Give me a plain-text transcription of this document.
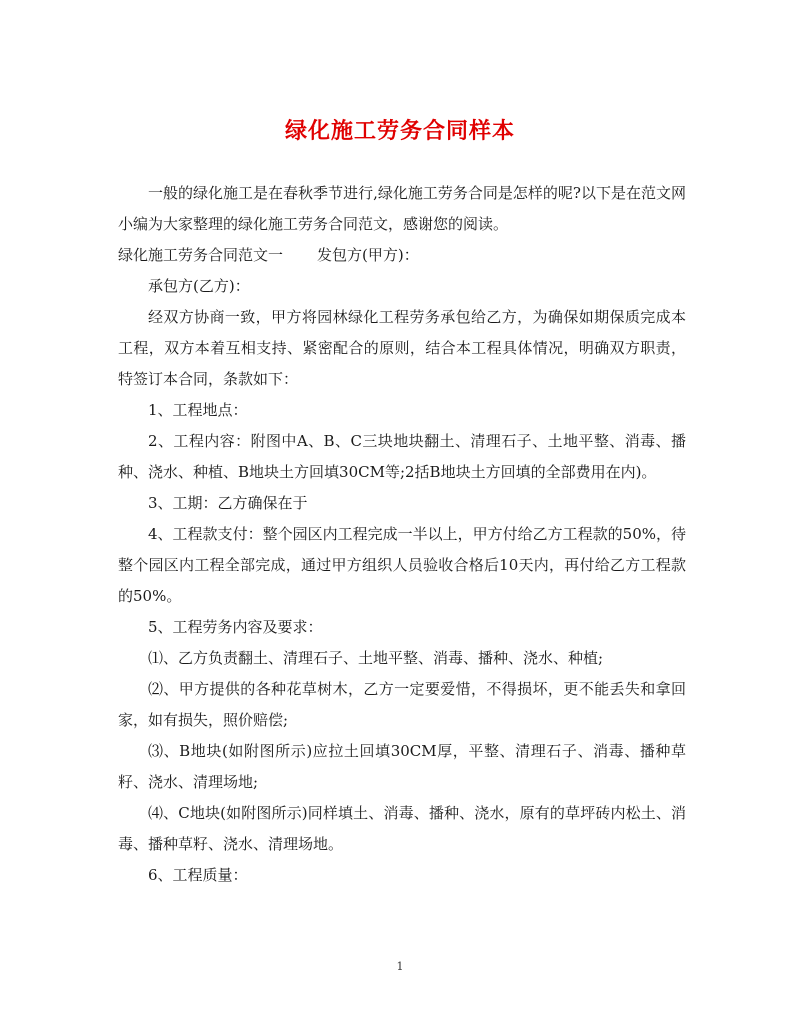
绿化施工劳务合同样本

一般的绿化施工是在春秋季节进行,绿化施工劳务合同是怎样的呢?以下是在范文网小编为大家整理的绿化施工劳务合同范文，感谢您的阅读。

绿化施工劳务合同范文一 发包方(甲方)：

承包方(乙方)：

经双方协商一致，甲方将园林绿化工程劳务承包给乙方，为确保如期保质完成本工程，双方本着互相支持、紧密配合的原则，结合本工程具体情况，明确双方职责，特签订本合同，条款如下：

1、工程地点：

2、工程内容：附图中A、B、C三块地块翻土、清理石子、土地平整、消毒、播种、浇水、种植、B地块土方回填30CM等;2括B地块土方回填的全部费用在内)。

3、工期：乙方确保在于

4、工程款支付：整个园区内工程完成一半以上，甲方付给乙方工程款的50%，待整个园区内工程全部完成，通过甲方组织人员验收合格后10天内，再付给乙方工程款的50%。

5、工程劳务内容及要求：

⑴、乙方负责翻土、清理石子、土地平整、消毒、播种、浇水、种植;

⑵、甲方提供的各种花草树木，乙方一定要爱惜，不得损坏，更不能丢失和拿回家，如有损失，照价赔偿;

⑶、B地块(如附图所示)应拉土回填30CM厚，平整、清理石子、消毒、播种草籽、浇水、清理场地;

⑷、C地块(如附图所示)同样填土、消毒、播种、浇水，原有的草坪砖内松土、消毒、播种草籽、浇水、清理场地。

6、工程质量：

1
